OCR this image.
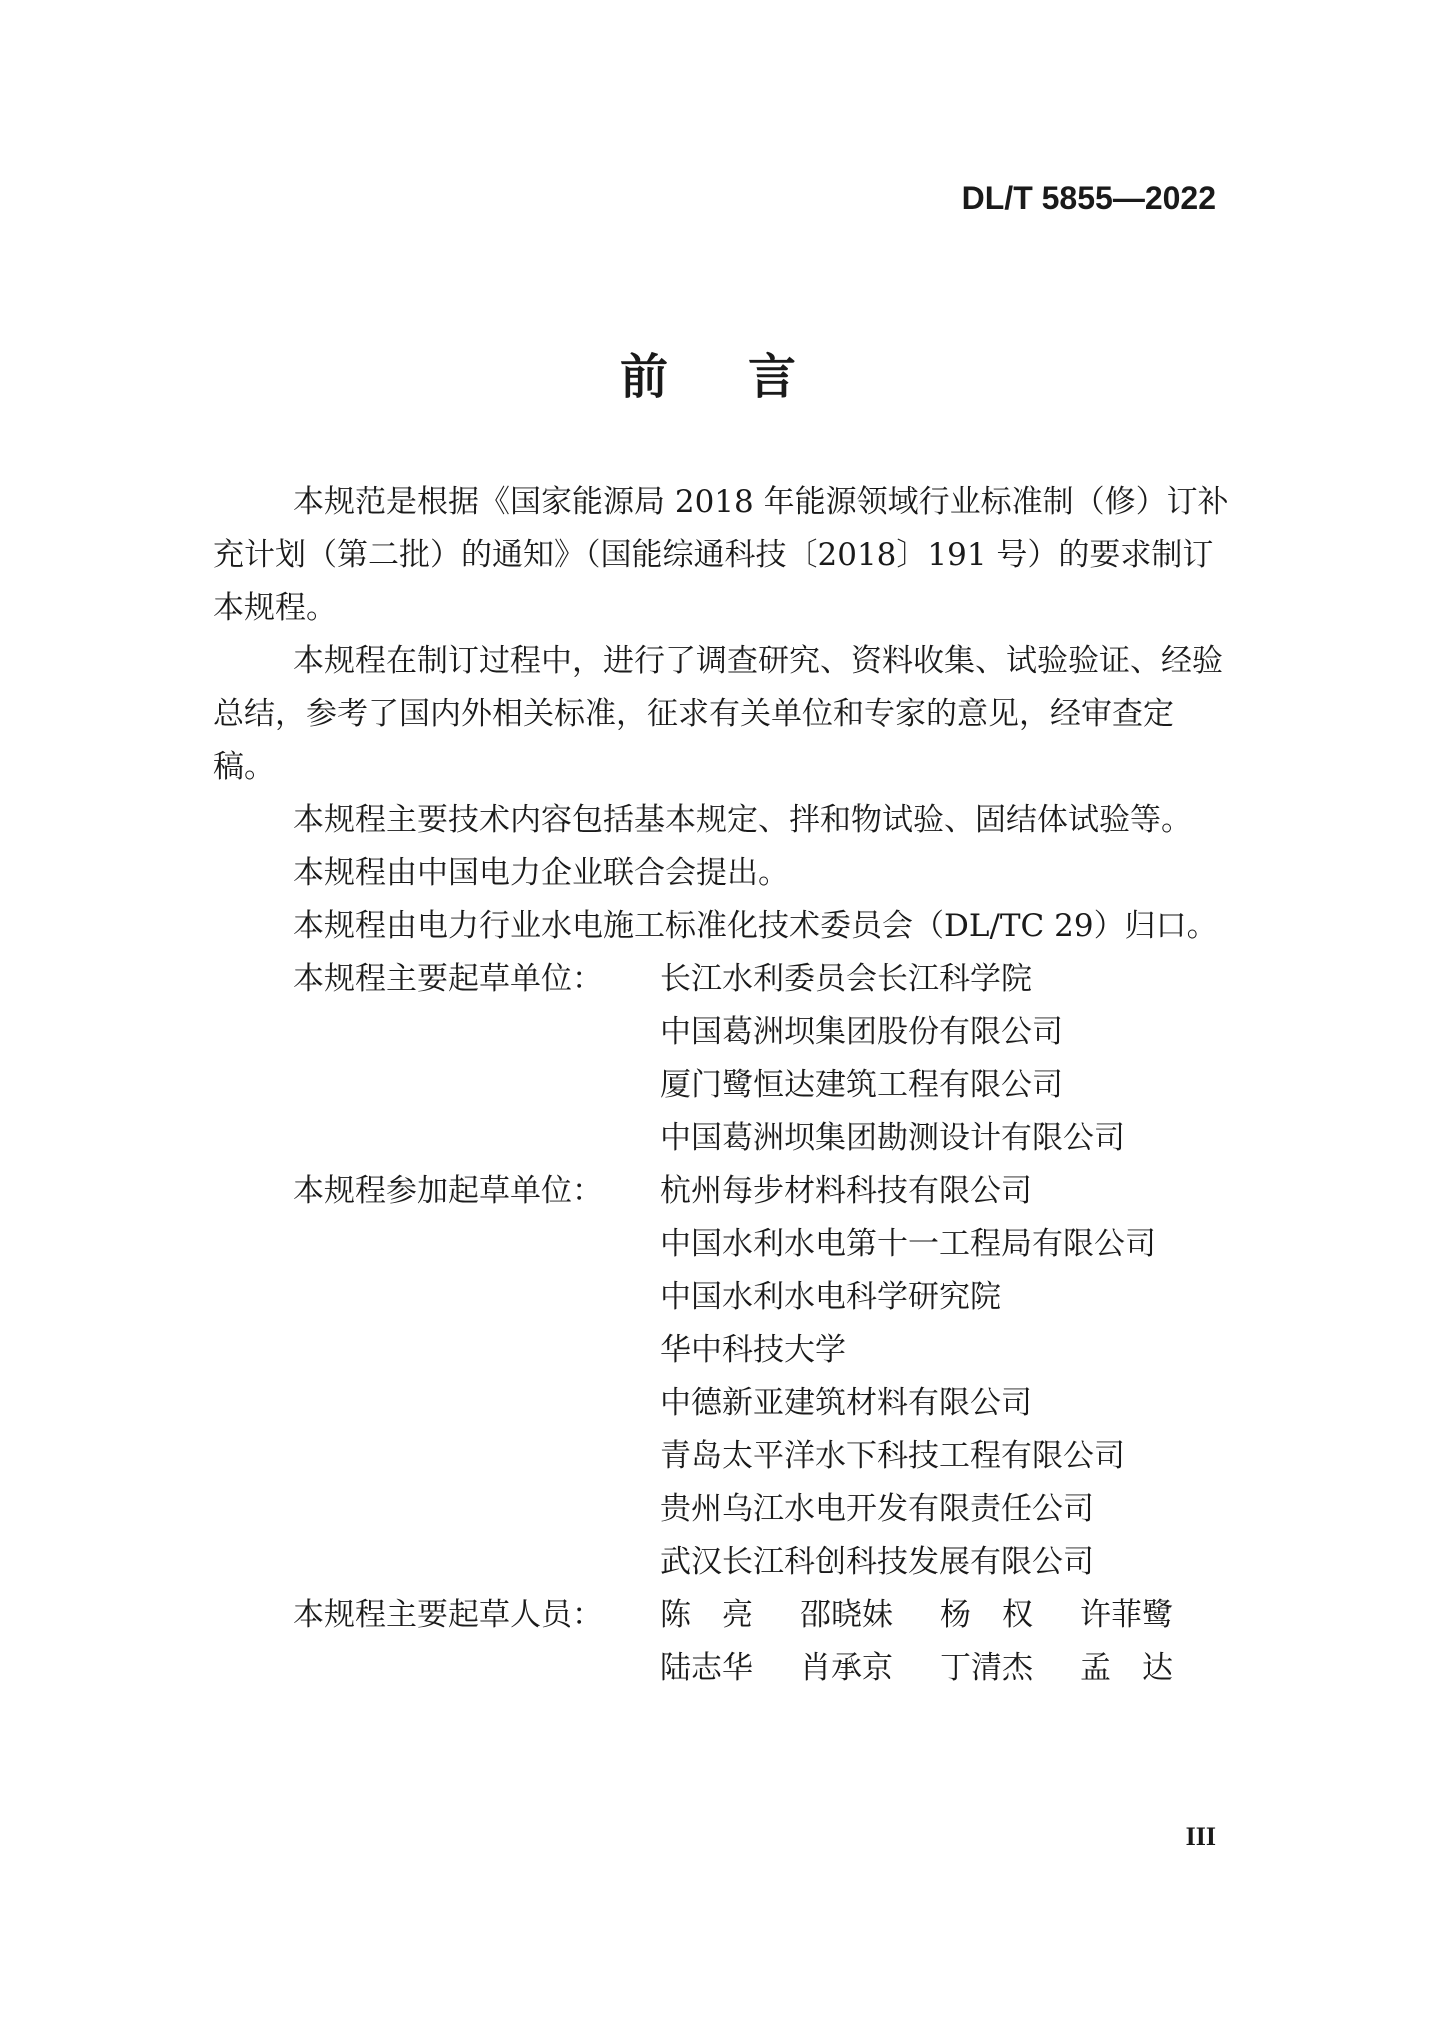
DL/T 5855—2022
前言

本规范是根据《国家能源局 2018 年能源领域行业标准制（修）订补充计划（第二批）的通知》（国能综通科技〔2018〕191 号）的要求制订本规程。

本规程在制订过程中，进行了调查研究、资料收集、试验验证、经验总结，参考了国内外相关标准，征求有关单位和专家的意见，经审查定稿。

本规程主要技术内容包括基本规定、拌和物试验、固结体试验等。

本规程由中国电力企业联合会提出。

本规程由电力行业水电施工标准化技术委员会（DL/TC 29）归口。

本规程主要起草单位：	长江水利委员会长江科学院
中国葛洲坝集团股份有限公司
厦门鹭恒达建筑工程有限公司
中国葛洲坝集团勘测设计有限公司
本规程参加起草单位：	杭州每步材料科技有限公司
中国水利水电第十一工程局有限公司
中国水利水电科学研究院
华中科技大学
中德新亚建筑材料有限公司
青岛太平洋水下科技工程有限公司
贵州乌江水电开发有限责任公司
武汉长江科创科技发展有限公司
本规程主要起草人员：	陈　亮 邵晓妹 杨　权 许菲鹭
陆志华 肖承京 丁清杰 孟　达
III
